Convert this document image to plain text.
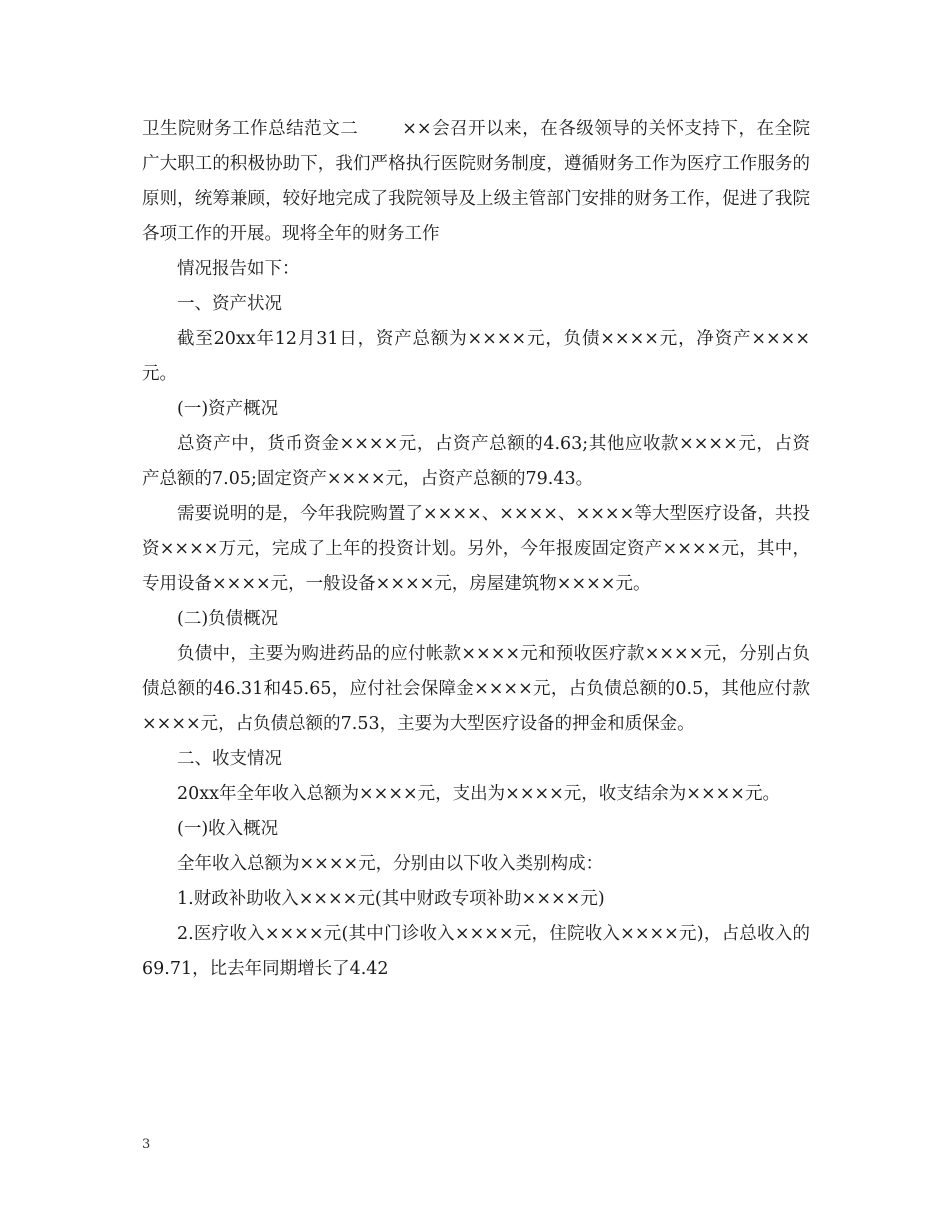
卫生院财务工作总结范文二	××会召开以来，在各级领导的关怀支持下，在全院广大职工的积极协助下，我们严格执行医院财务制度，遵循财务工作为医疗工作服务的原则，统筹兼顾，较好地完成了我院领导及上级主管部门安排的财务工作，促进了我院各项工作的开展。现将全年的财务工作

情况报告如下：

一、资产状况

截至20xx年12月31日，资产总额为××××元，负债××××元，净资产××××元。

(一)资产概况

总资产中，货币资金××××元，占资产总额的4.63;其他应收款××××元，占资产总额的7.05;固定资产××××元，占资产总额的79.43。

需要说明的是，今年我院购置了××××、××××、××××等大型医疗设备，共投资××××万元，完成了上年的投资计划。另外，今年报废固定资产××××元，其中，专用设备××××元，一般设备××××元，房屋建筑物××××元。

(二)负债概况

负债中，主要为购进药品的应付帐款××××元和预收医疗款××××元，分别占负债总额的46.31和45.65，应付社会保障金××××元，占负债总额的0.5，其他应付款××××元，占负债总额的7.53，主要为大型医疗设备的押金和质保金。

二、收支情况

20xx年全年收入总额为××××元，支出为××××元，收支结余为××××元。

(一)收入概况

全年收入总额为××××元，分别由以下收入类别构成：

1.财政补助收入××××元(其中财政专项补助××××元)

2.医疗收入××××元(其中门诊收入××××元，住院收入××××元)，占总收入的69.71，比去年同期增长了4.42

3
